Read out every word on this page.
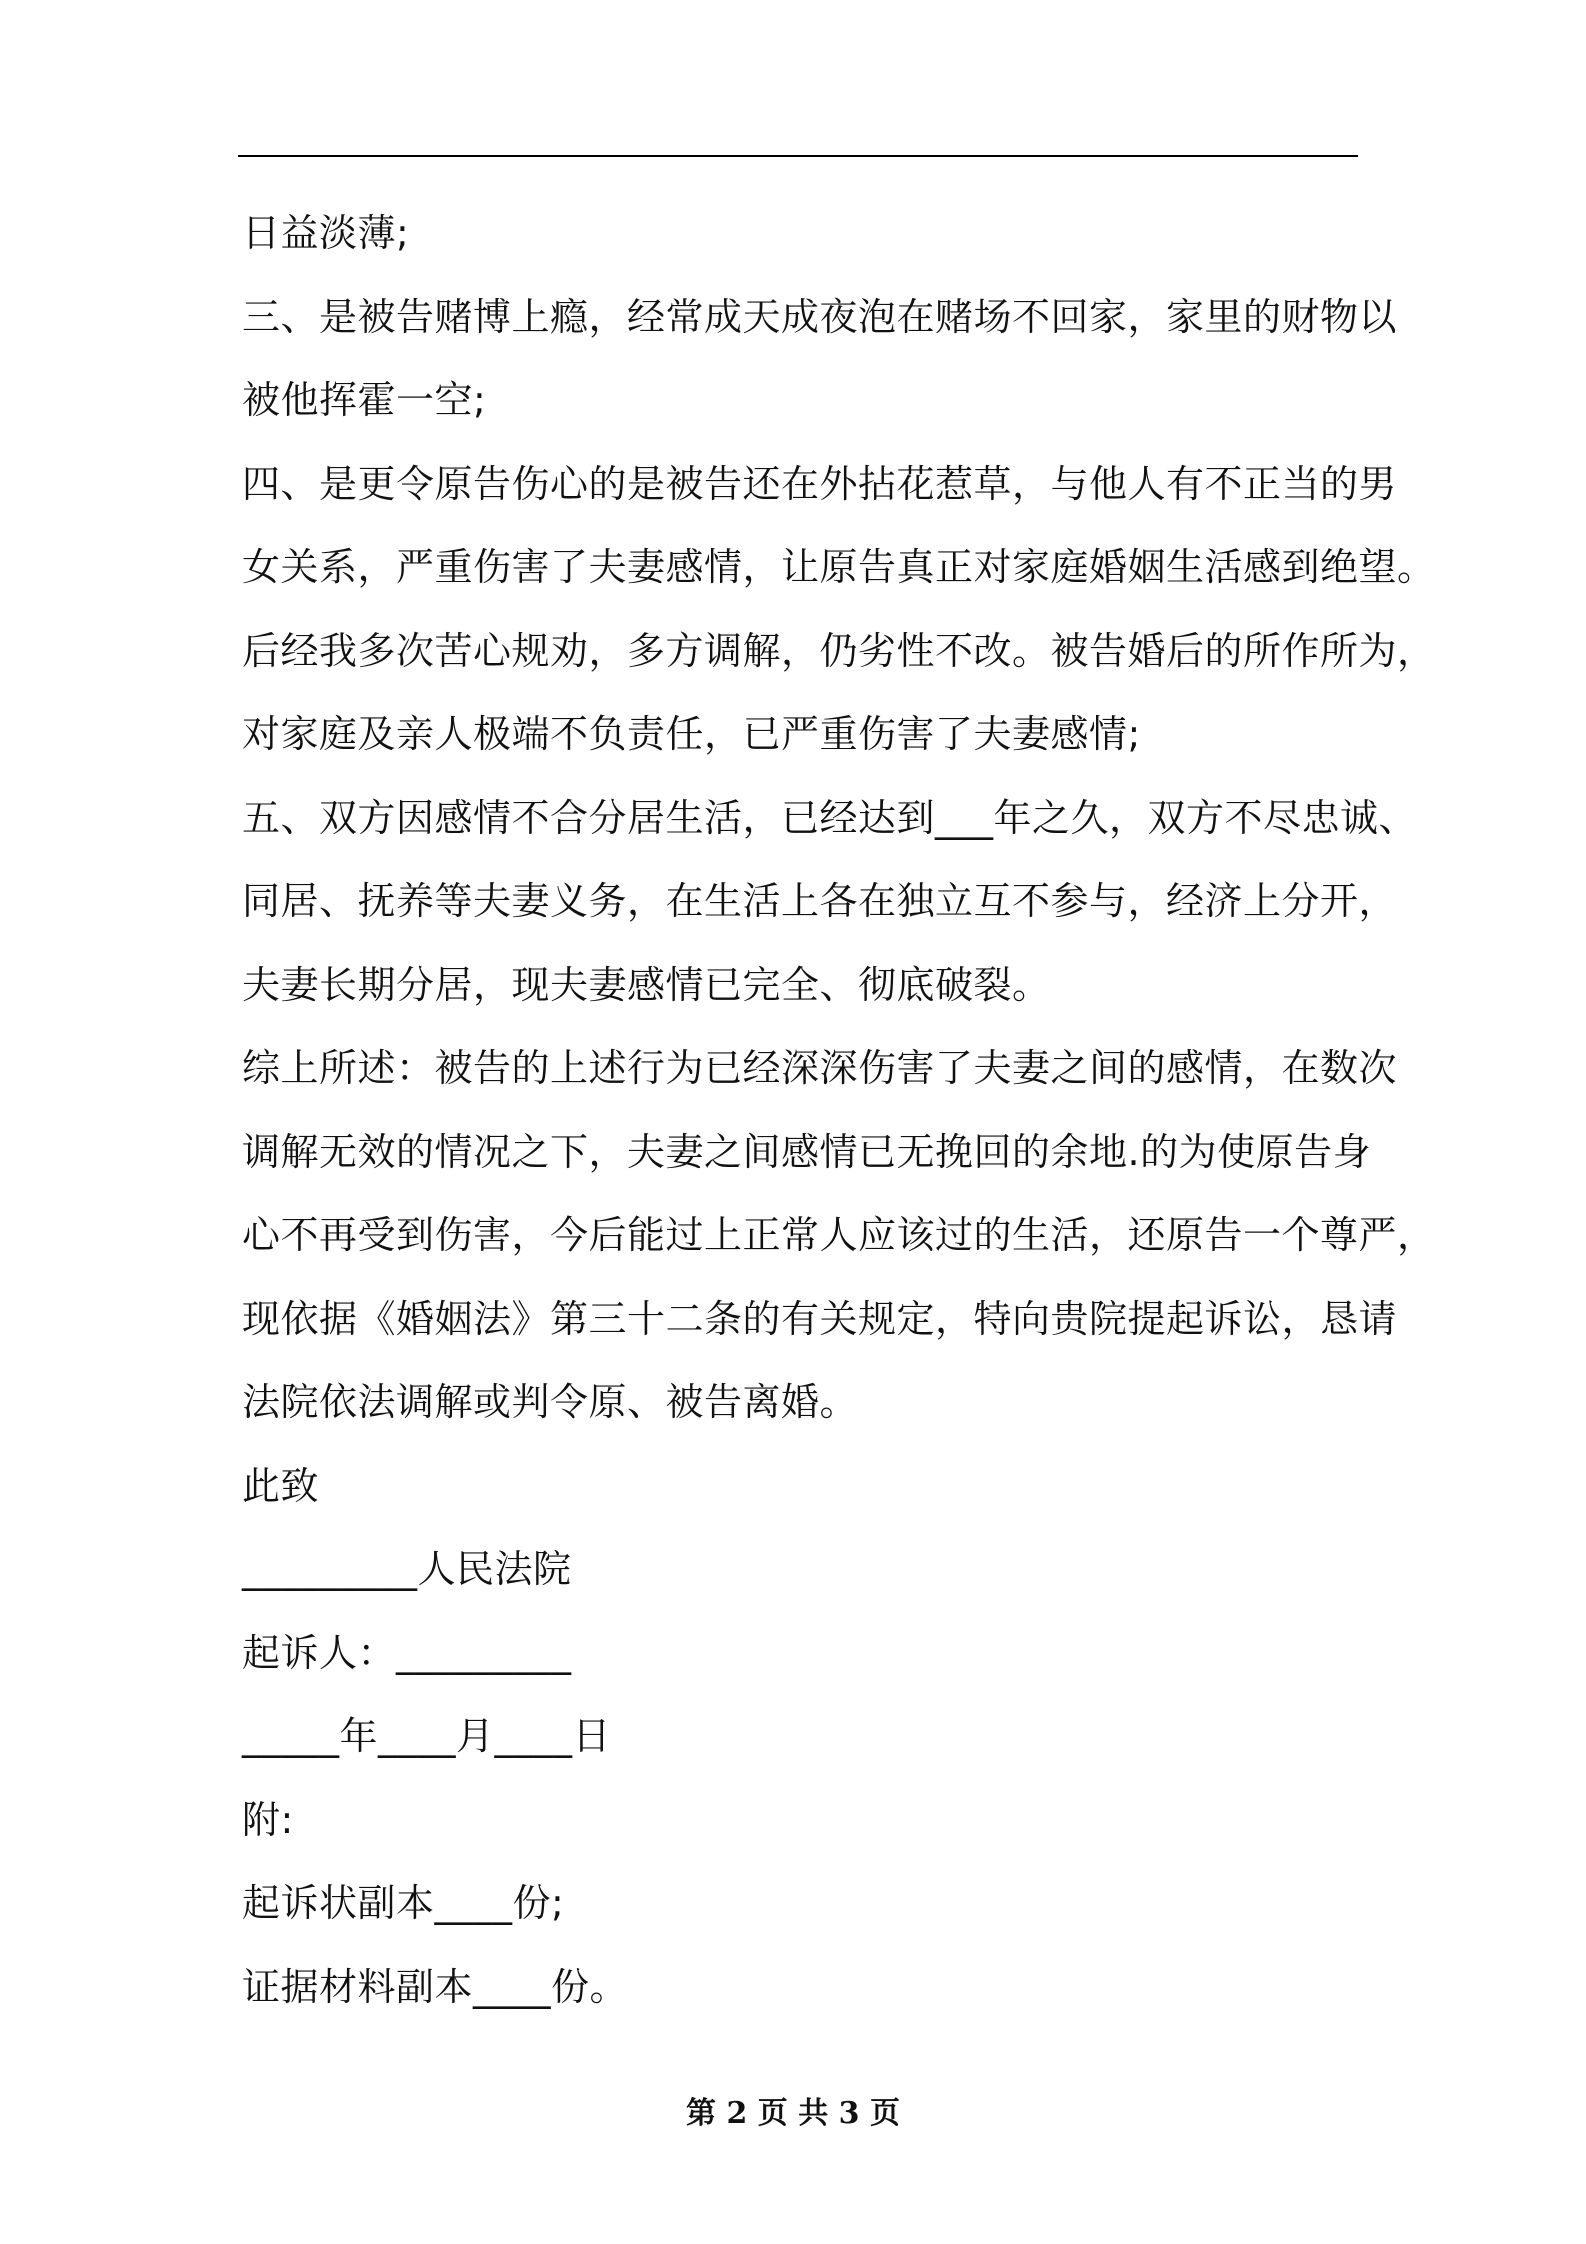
日益淡薄;
三、是被告赌博上瘾，经常成天成夜泡在赌场不回家，家里的财物以
被他挥霍一空;
四、是更令原告伤心的是被告还在外拈花惹草，与他人有不正当的男
女关系，严重伤害了夫妻感情，让原告真正对家庭婚姻生活感到绝望。
后经我多次苦心规劝，多方调解，仍劣性不改。被告婚后的所作所为，
对家庭及亲人极端不负责任，已严重伤害了夫妻感情;
五、双方因感情不合分居生活，已经达到___年之久，双方不尽忠诚、
同居、抚养等夫妻义务，在生活上各在独立互不参与，经济上分开，
夫妻长期分居，现夫妻感情已完全、彻底破裂。
综上所述：被告的上述行为已经深深伤害了夫妻之间的感情，在数次
调解无效的情况之下，夫妻之间感情已无挽回的余地.的为使原告身
心不再受到伤害，今后能过上正常人应该过的生活，还原告一个尊严，
现依据《婚姻法》第三十二条的有关规定，特向贵院提起诉讼，恳请
法院依法调解或判令原、被告离婚。
此致
_________人民法院
起诉人：_________
_____年____月____日
附:
起诉状副本____份;
证据材料副本____份。
第 2 页 共 3 页
